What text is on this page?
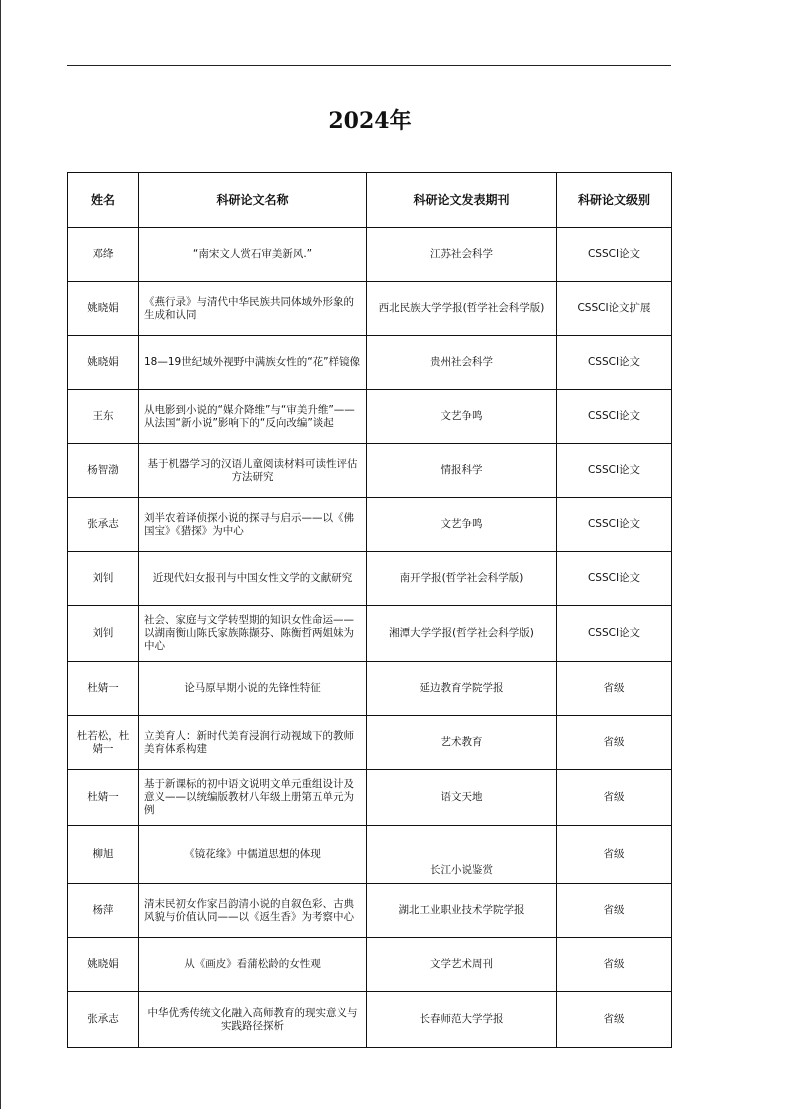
2024年
姓名	科研论文名称	科研论文发表期刊	科研论文级别
邓绛	“南宋文人赏石审美新风.”	江苏社会科学	CSSCI论文
姚晓娟	《燕行录》与清代中华民族共同体域外形象的生成和认同	西北民族大学学报(哲学社会科学版)	CSSCI论文扩展
姚晓娟	18—19世纪域外视野中满族女性的“花”样镜像	贵州社会科学	CSSCI论文
王东	从电影到小说的“媒介降维”与“审美升维”——从法国“新小说”影响下的“反向改编”谈起	文艺争鸣	CSSCI论文
杨智渤	基于机器学习的汉语儿童阅读材料可读性评估方法研究	情报科学	CSSCI论文
张承志	刘半农着译侦探小说的探寻与启示——以《佛国宝》《猎探》为中心	文艺争鸣	CSSCI论文
刘钊	近现代妇女报刊与中国女性文学的文献研究	南开学报(哲学社会科学版)	CSSCI论文
刘钊	社会、家庭与文学转型期的知识女性命运——以湖南衡山陈氏家族陈撷芬、陈衡哲两姐妹为中心	湘潭大学学报(哲学社会科学版)	CSSCI论文
杜婧一	论马原早期小说的先锋性特征	延边教育学院学报	省级
杜若松，杜婧一	立美育人：新时代美育浸润行动视域下的教师美育体系构建	艺术教育	省级
杜婧一	基于新课标的初中语文说明文单元重组设计及意义——以统编版教材八年级上册第五单元为例	语文天地	省级
柳旭	《镜花缘》中儒道思想的体现	长江小说鉴赏	省级
杨萍	清末民初女作家吕韵清小说的自叙色彩、古典风貌与价值认同——以《返生香》为考察中心	湖北工业职业技术学院学报	省级
姚晓娟	从《画皮》看蒲松龄的女性观	文学艺术周刊	省级
张承志	中华优秀传统文化融入高师教育的现实意义与实践路径探析	长春师范大学学报	省级
